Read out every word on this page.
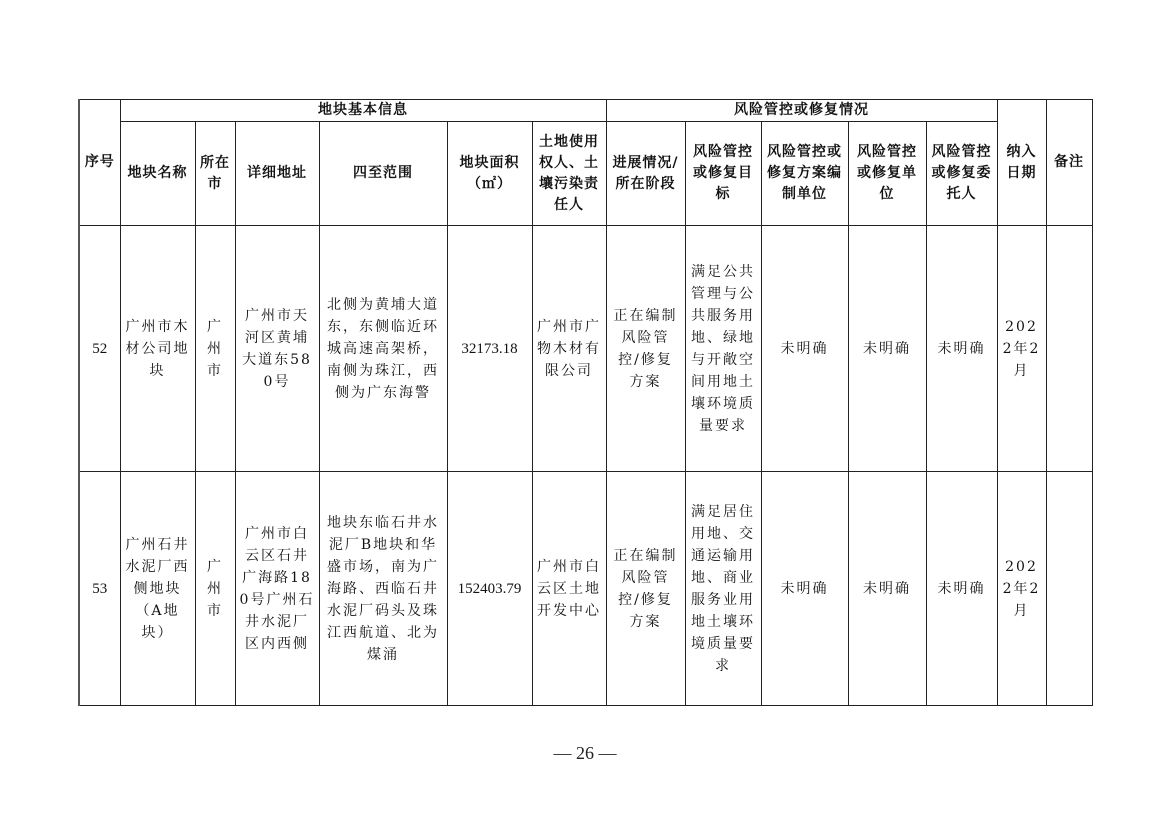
序号	地块基本信息						风险管控或修复情况					纳入日期	备注
	地块名称	所在市	详细地址	四至范围	地块面积（㎡）	土地使用权人、土壤污染责任人	进展情况/所在阶段	风险管控或修复目标	风险管控或修复方案编制单位	风险管控或修复单位	风险管控或修复委托人		
52	广州市木材公司地块	广州市	广州市天河区黄埔大道东580号	北侧为黄埔大道东，东侧临近环城高速高架桥，南侧为珠江，西侧为广东海警	32173.18	广州市广物木材有限公司	正在编制风险管控/修复方案	满足公共管理与公共服务用地、绿地与开敞空间用地土壤环境质量要求	未明确	未明确	未明确	2022年2月	
53	广州石井水泥厂西侧地块（A地块）	广州市	广州市白云区石井广海路180号广州石井水泥厂区内西侧	地块东临石井水泥厂B地块和华盛市场，南为广海路、西临石井水泥厂码头及珠江西航道、北为煤涌	152403.79	广州市白云区土地开发中心	正在编制风险管控/修复方案	满足居住用地、交通运输用地、商业服务业用地土壤环境质量要求	未明确	未明确	未明确	2022年2月	
— 26 —
